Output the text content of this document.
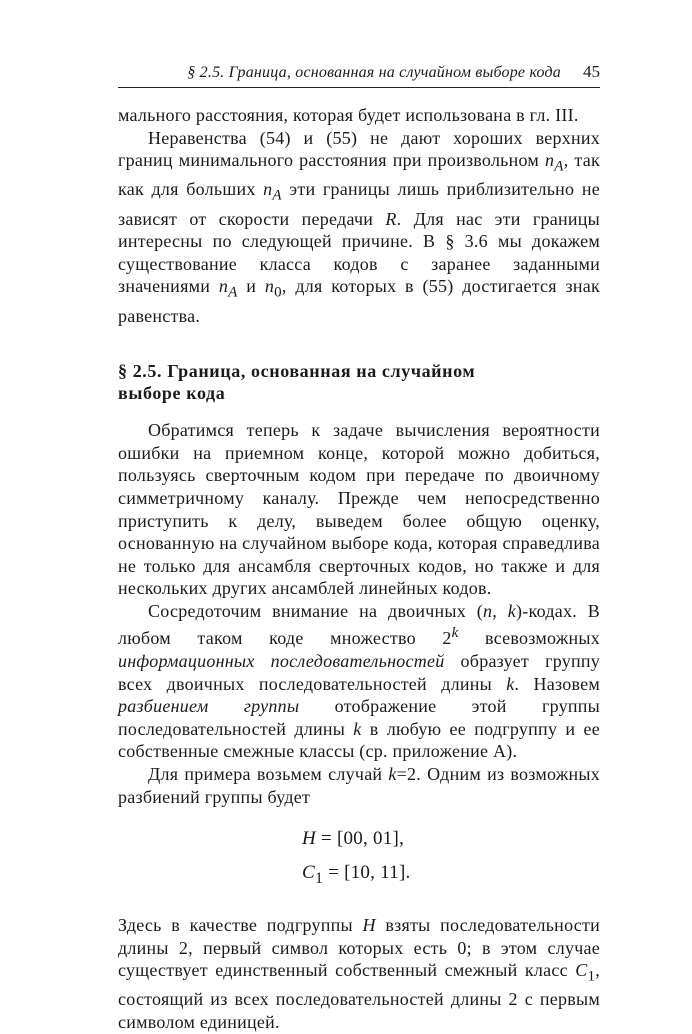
§ 2.5. Граница, основанная на случайном выборе кода 45

мального расстояния, которая будет использована в гл. III.

Неравенства (54) и (55) не дают хороших верхних границ минимального расстояния при произвольном $n_A$, так как для больших $n_A$ эти границы лишь приблизительно не зависят от скорости передачи R. Для нас эти границы интересны по следующей причине. В § 3.6 мы докажем существование класса кодов с заранее заданными значениями $n_A$ и $n_0$, для которых в (55) достигается знак равенства.

§ 2.5. Граница, основанная на случайном выборе кода

Обратимся теперь к задаче вычисления вероятности ошибки на приемном конце, которой можно добиться, пользуясь сверточным кодом при передаче по двоичному симметричному каналу. Прежде чем непосредственно приступить к делу, выведем более общую оценку, основанную на случайном выборе кода, которая справедлива не только для ансамбля сверточных кодов, но также и для нескольких других ансамблей линейных кодов.

Сосредоточим внимание на двоичных (n, k)-кодах. В любом таком коде множество 2$^k$ всевозможных информационных последовательностей образует группу всех двоичных последовательностей длины k. Назовем разбиением группы отображение этой группы последовательностей длины k в любую ее подгруппу и ее собственные смежные классы (ср. приложение А).

Для примера возьмем случай k=2. Одним из возможных разбиений группы будет

H = [00, 01],
$C_1 = [10$, 11].

Здесь в качестве подгруппы H взяты последовательности длины 2, первый символ которых есть 0; в этом случае существует единственный собственный смежный класс $C_1$, состоящий из всех последовательностей длины 2 с первым символом единицей.
